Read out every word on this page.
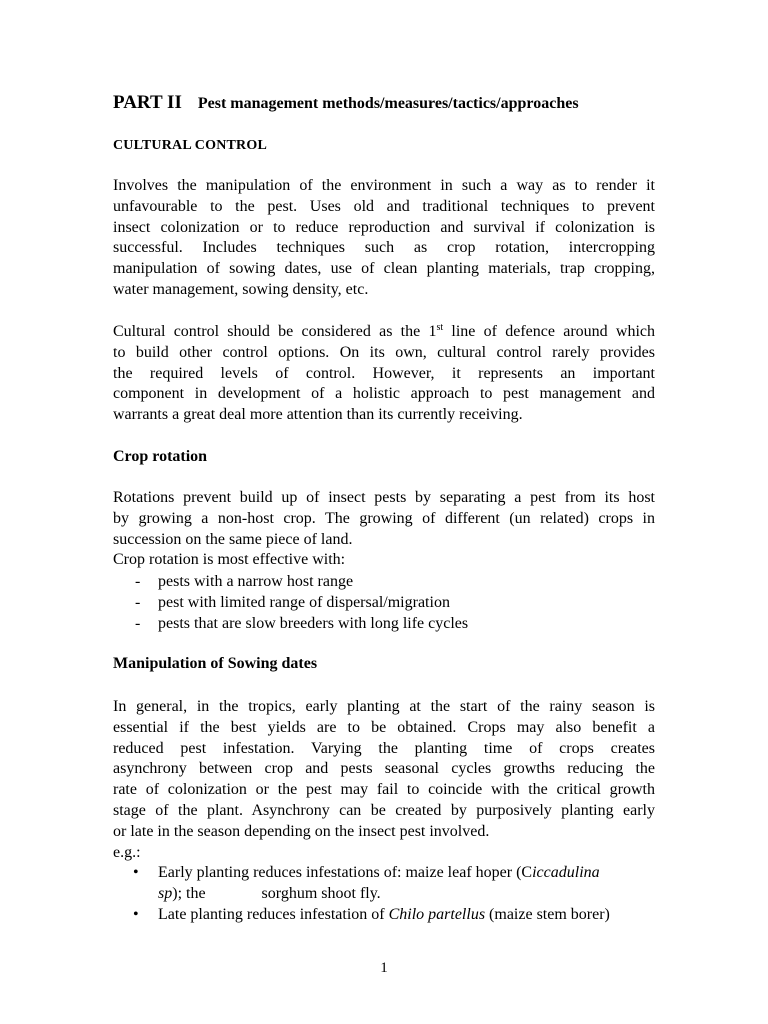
PART II Pest management methods/measures/tactics/approaches
CULTURAL CONTROL
Involves the manipulation of the environment in such a way as to render it
unfavourable to the pest. Uses old and traditional techniques to prevent
insect colonization or to reduce reproduction and survival if colonization is
successful. Includes techniques such as crop rotation, intercropping
manipulation of sowing dates, use of clean planting materials, trap cropping,
water management, sowing density, etc.
Cultural control should be considered as the 1st line of defence around which
to build other control options. On its own, cultural control rarely provides
the required levels of control. However, it represents an important
component in development of a holistic approach to pest management and
warrants a great deal more attention than its currently receiving.
Crop rotation
Rotations prevent build up of insect pests by separating a pest from its host
by growing a non-host crop. The growing of different (un related) crops in
succession on the same piece of land.
Crop rotation is most effective with:
- pests with a narrow host range
- pest with limited range of dispersal/migration
- pests that are slow breeders with long life cycles
Manipulation of Sowing dates
In general, in the tropics, early planting at the start of the rainy season is
essential if the best yields are to be obtained. Crops may also benefit a
reduced pest infestation. Varying the planting time of crops creates
asynchrony between crop and pests seasonal cycles growths reducing the
rate of colonization or the pest may fail to coincide with the critical growth
stage of the plant. Asynchrony can be created by purposively planting early
or late in the season depending on the insect pest involved.
e.g.:
• Early planting reduces infestations of: maize leaf hoper (Ciccadulina
sp); the              sorghum shoot fly.
• Late planting reduces infestation of Chilo partellus (maize stem borer)
1
